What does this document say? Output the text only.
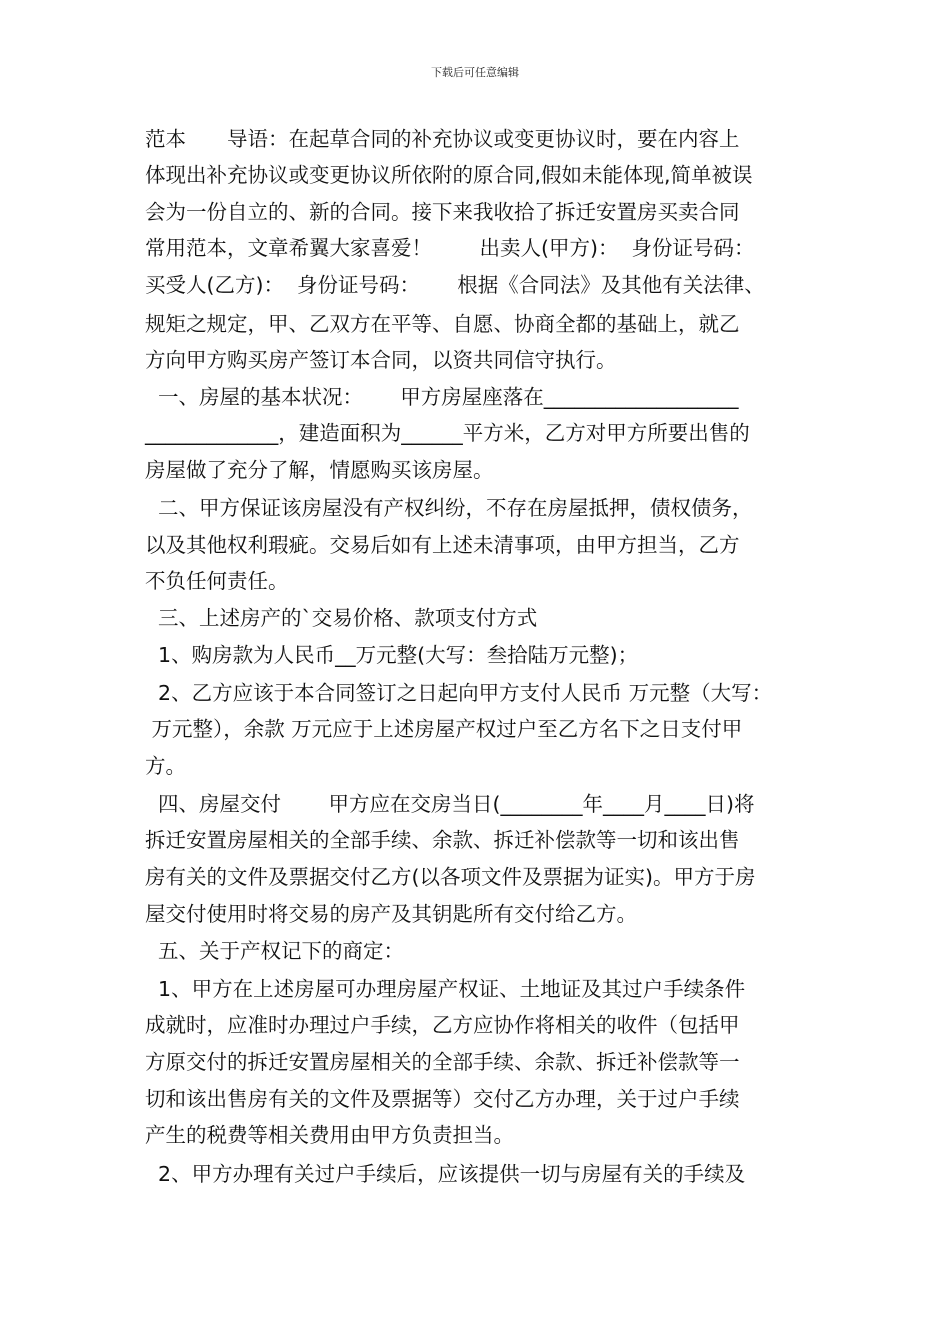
下载后可任意编辑
范本　　导语：在起草合同的补充协议或变更协议时，要在内容上
体现出补充协议或变更协议所依附的原合同,假如未能体现,简单被误
会为一份自立的、新的合同。接下来我收拾了拆迁安置房买卖合同
常用范本，文章希翼大家喜爱！　　 出卖人(甲方)：  身份证号码：
买受人(乙方)：  身份证号码：　　 根据《合同法》及其他有关法律、
规矩之规定，甲、乙双方在平等、自愿、协商全都的基础上，就乙
方向甲方购买房产签订本合同，以资共同信守执行。
一、房屋的基本状况：　　 甲方房屋座落在___________________
_____________，建造面积为______平方米，乙方对甲方所要出售的
房屋做了充分了解，情愿购买该房屋。
二、甲方保证该房屋没有产权纠纷，不存在房屋抵押，债权债务，
以及其他权利瑕疵。交易后如有上述未清事项，由甲方担当，乙方
不负任何责任。
三、上述房产的`交易价格、款项支付方式
1、购房款为人民币__万元整(大写：叁拾陆万元整)；
2、乙方应该于本合同签订之日起向甲方支付人民币 万元整（大写：
万元整），余款 万元应于上述房屋产权过户至乙方名下之日支付甲
方。
四、房屋交付　　 甲方应在交房当日(________年____月____日)将
拆迁安置房屋相关的全部手续、余款、拆迁补偿款等一切和该出售
房有关的文件及票据交付乙方(以各项文件及票据为证实)。甲方于房
屋交付使用时将交易的房产及其钥匙所有交付给乙方。
五、关于产权记下的商定：
1、甲方在上述房屋可办理房屋产权证、土地证及其过户手续条件
成就时，应准时办理过户手续，乙方应协作将相关的收件（包括甲
方原交付的拆迁安置房屋相关的全部手续、余款、拆迁补偿款等一
切和该出售房有关的文件及票据等）交付乙方办理，关于过户手续
产生的税费等相关费用由甲方负责担当。
2、甲方办理有关过户手续后，应该提供一切与房屋有关的手续及
